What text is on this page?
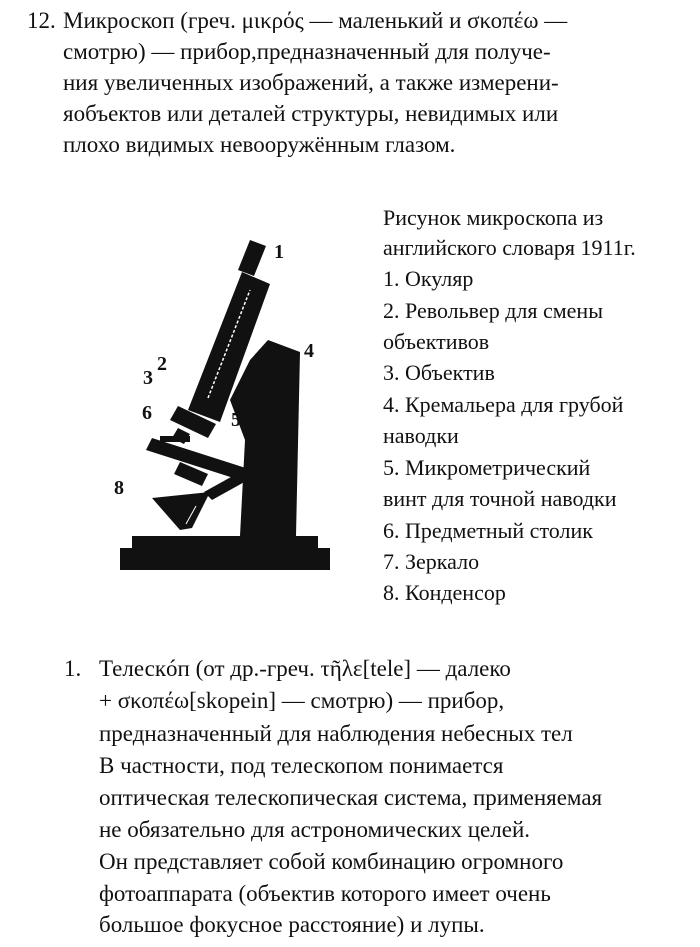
12. Микроскоп (греч. μικρός — маленький и σκοπέω —
смотрю) — прибор,предназначенный для получе-
ния увеличенных изображений, а также измерени-
яобъектов или деталей структуры, невидимых или
плохо видимых невооружённым глазом.
1
2
3
4
5
6
8
Рисунок микроскопа из
английского словаря 1911г.
1. Окуляр
2. Револьвер для смены
объективов
3. Объектив
4. Кремальера для грубой
наводки
5. Микрометрический
винт для точной наводки
6. Предметный столик
7. Зеркало
8. Конденсор
1. Телескóп (от др.-греч. τῆλε[tele] — далеко
+ σκοπέω[skopein] — смотрю) — прибор,
предназначенный для наблюдения небесных тел
В частности, под телескопом понимается
оптическая телескопическая система, применяемая
не обязательно для астрономических целей.
Он представляет собой комбинацию огромного
фотоаппарата (объектив которого имеет очень
большое фокусное расстояние) и лупы.
